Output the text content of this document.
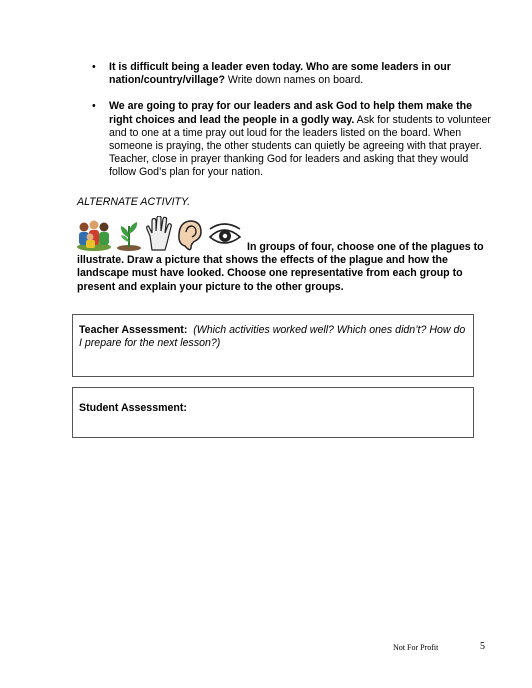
• It is difficult being a leader even today. Who are some leaders in our nation/country/village? Write down names on board.
• We are going to pray for our leaders and ask God to help them make the right choices and lead the people in a godly way. Ask for students to volunteer and to one at a time pray out loud for the leaders listed on the board. When someone is praying, the other students can quietly be agreeing with that prayer. Teacher, close in prayer thanking God for leaders and asking that they would follow God’s plan for your nation.
ALTERNATE ACTIVITY.
In groups of four, choose one of the plagues to illustrate. Draw a picture that shows the effects of the plague and how the landscape must have looked. Choose one representative from each group to present and explain your picture to the other groups.
Teacher Assessment: (Which activities worked well? Which ones didn’t? How do I prepare for the next lesson?)
Student Assessment:
Not For Profit	5
